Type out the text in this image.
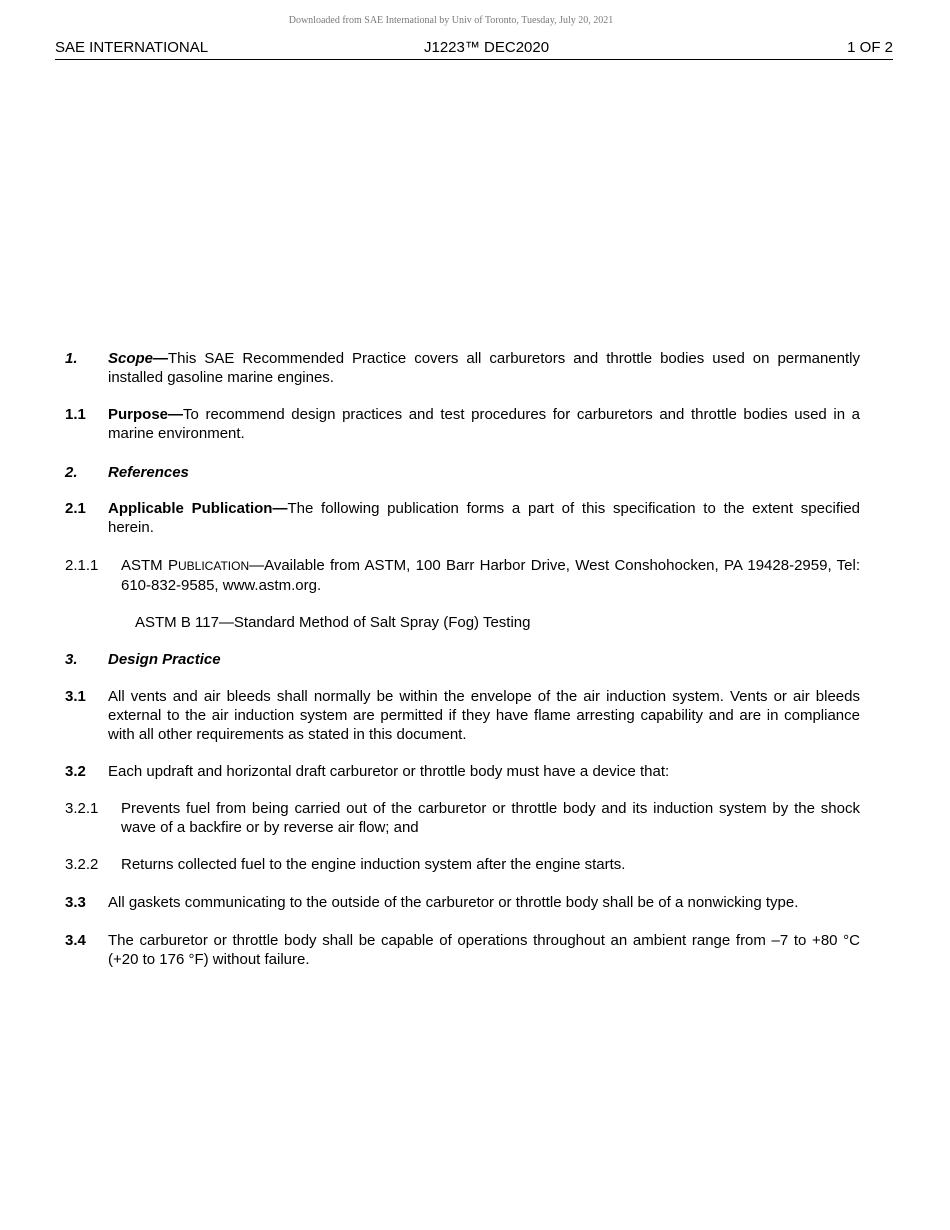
Downloaded from SAE International by Univ of Toronto, Tuesday, July 20, 2021
SAE INTERNATIONAL	J1223™ DEC2020	1 OF 2
1. Scope—This SAE Recommended Practice covers all carburetors and throttle bodies used on permanently installed gasoline marine engines.
1.1 Purpose—To recommend design practices and test procedures for carburetors and throttle bodies used in a marine environment.
2. References
2.1 Applicable Publication—The following publication forms a part of this specification to the extent specified herein.
2.1.1 ASTM PUBLICATION—Available from ASTM, 100 Barr Harbor Drive, West Conshohocken, PA 19428-2959, Tel: 610-832-9585, www.astm.org.
ASTM B 117—Standard Method of Salt Spray (Fog) Testing
3. Design Practice
3.1 All vents and air bleeds shall normally be within the envelope of the air induction system. Vents or air bleeds external to the air induction system are permitted if they have flame arresting capability and are in compliance with all other requirements as stated in this document.
3.2 Each updraft and horizontal draft carburetor or throttle body must have a device that:
3.2.1 Prevents fuel from being carried out of the carburetor or throttle body and its induction system by the shock wave of a backfire or by reverse air flow; and
3.2.2 Returns collected fuel to the engine induction system after the engine starts.
3.3 All gaskets communicating to the outside of the carburetor or throttle body shall be of a nonwicking type.
3.4 The carburetor or throttle body shall be capable of operations throughout an ambient range from –7 to +80 °C (+20 to 176 °F) without failure.
